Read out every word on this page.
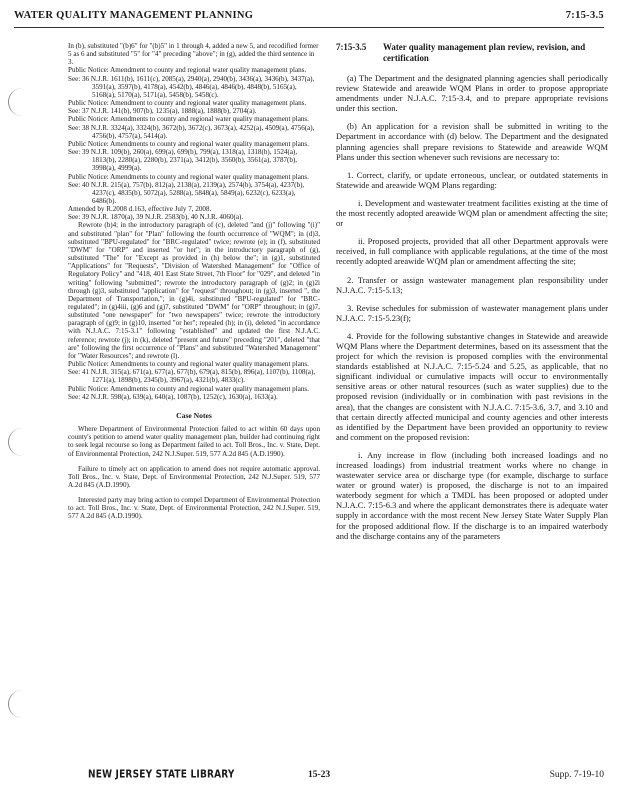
WATER QUALITY MANAGEMENT PLANNING	7:15-3.5

In (b), substituted "(b)6" for "(b)5" in 1 through 4, added a new 5, and recodified former 5 as 6 and substituted "5" for "4" preceding "above"; in (g), added the third sentence in 3.

Public Notice: Amendment to county and regional water quality management plans.

See: 36 N.J.R. 1611(b), 1611(c), 2085(a), 2940(a), 2940(b), 3436(a), 3436(b), 3437(a), 3591(a), 3597(b), 4178(a), 4542(b), 4846(a), 4846(b), 4848(b), 5165(a), 5168(a), 5170(a), 5171(a), 5458(b), 5458(c).

Public Notice: Amendment to county and regional water quality management plans.

See: 37 N.J.R. 141(b), 907(b), 1235(a), 1888(a), 1888(b), 2704(a).

Public Notice: Amendments to county and regional water quality management plans.

See: 38 N.J.R. 3324(a), 3324(b), 3672(b), 3672(c), 3673(a), 4252(a), 4509(a), 4756(a), 4756(b), 4757(a), 5414(a).

Public Notice: Amendments to county and regional water quality management plans.

See: 39 N.J.R. 109(b), 260(a), 699(a), 699(b), 799(a), 1318(a), 1318(b), 1524(a), 1813(b), 2280(a), 2280(b), 2371(a), 3412(b), 3560(b), 3561(a), 3787(b), 3998(a), 4999(a).

Public Notice: Amendments to county and regional water quality management plans.

See: 40 N.J.R. 215(a), 757(b), 812(a), 2138(a), 2139(a), 2574(b), 3754(a), 4237(b), 4237(c), 4835(b), 5072(a), 5288(a), 5848(a), 5849(a), 6232(c), 6233(a), 6486(b).

Amended by R.2008 d.163, effective July 7, 2008.

See: 39 N.J.R. 1870(a), 39 N.J.R. 2583(b), 40 N.J.R. 4060(a).

Rewrote (b)4; in the introductory paragraph of (c), deleted "and (j)" following "(i)" and substituted "plan" for "Plan" following the fourth occurrence of "WQM"; in (d)3, substituted "BPU-regulated" for "BRC-regulated" twice; rewrote (e); in (f), substituted "DWM" for "ORP" and inserted "or her"; in the introductory paragraph of (g), substituted "The" for "Except as provided in (h) below the"; in (g)1, substituted "Applications" for "Requests", "Division of Watershed Management" for "Office of Regulatory Policy" and "418, 401 East State Street, 7th Floor" for "029", and deleted "in writing" following "submitted"; rewrote the introductory paragraph of (g)2; in (g)2i through (g)3, substituted "application" for "request" throughout; in (g)3, inserted ", the Department of Transportation,"; in (g)4i, substituted "BPU-regulated" for "BRC-regulated"; in (g)4iii, (g)6 and (g)7, substituted "DWM" for "ORP" throughout; in (g)7, substituted "one newspaper" for "two newspapers" twice; rewrote the introductory paragraph of (g)9; in (g)10, inserted "or her"; repealed (h); in (i), deleted "in accordance with N.J.A.C. 7:15-3.1" following "established" and updated the first N.J.A.C. reference; rewrote (j); in (k), deleted "present and future" preceding "201", deleted "that are" following the first occurrence of "Plans" and substituted "Watershed Management" for "Water Resources"; and rewrote (l).

Public Notice: Amendments to county and regional water quality management plans.

See: 41 N.J.R. 315(a), 671(a), 677(a), 677(b), 679(a), 815(b), 896(a), 1107(b), 1108(a), 1271(a), 1898(b), 2345(b), 3967(a), 4321(b), 4833(c).

Public Notice: Amendments to county and regional water quality management plans.

See: 42 N.J.R. 598(a), 639(a), 640(a), 1087(b), 1252(c), 1630(a), 1633(a).

Case Notes

Where Department of Environmental Protection failed to act within 60 days upon county's petition to amend water quality management plan, builder had continuing right to seek legal recourse so long as Department failed to act. Toll Bros., Inc. v. State, Dept. of Environmental Protection, 242 N.J.Super. 519, 577 A.2d 845 (A.D.1990).

Failure to timely act on application to amend does not require automatic approval. Toll Bros., Inc. v. State, Dept. of Environmental Protection, 242 N.J.Super. 519, 577 A.2d 845 (A.D.1990).

Interested party may bring action to compel Department of Environmental Protection to act. Toll Bros., Inc. v. State, Dept. of Environmental Protection, 242 N.J.Super. 519, 577 A.2d 845 (A.D.1990).

7:15-3.5	Water quality management plan review, revision, and certification

(a) The Department and the designated planning agencies shall periodically review Statewide and areawide WQM Plans in order to propose appropriate amendments under N.J.A.C. 7:15-3.4, and to prepare appropriate revisions under this section.

(b) An application for a revision shall be submitted in writing to the Department in accordance with (d) below. The Department and the designated planning agencies shall prepare revisions to Statewide and areawide WQM Plans under this section whenever such revisions are necessary to:

1. Correct, clarify, or update erroneous, unclear, or outdated statements in Statewide and areawide WQM Plans regarding:

i. Development and wastewater treatment facilities existing at the time of the most recently adopted areawide WQM plan or amendment affecting the site; or

ii. Proposed projects, provided that all other Department approvals were received, in full compliance with applicable regulations, at the time of the most recently adopted areawide WQM plan or amendment affecting the site;

2. Transfer or assign wastewater management plan responsibility under N.J.A.C. 7:15-5.13;

3. Revise schedules for submission of wastewater management plans under N.J.A.C. 7:15-5.23(f);

4. Provide for the following substantive changes in Statewide and areawide WQM Plans where the Department determines, based on its assessment that the project for which the revision is proposed complies with the environmental standards established at N.J.A.C. 7:15-5.24 and 5.25, as applicable, that no significant individual or cumulative impacts will occur to environmentally sensitive areas or other natural resources (such as water supplies) due to the proposed revision (individually or in combination with past revisions in the area), that the changes are consistent with N.J.A.C. 7:15-3.6, 3.7, and 3.10 and that certain directly affected municipal and county agencies and other interests as identified by the Department have been provided an opportunity to review and comment on the proposed revision:

i. Any increase in flow (including both increased loadings and no increased loadings) from industrial treatment works where no change in wastewater service area or discharge type (for example, discharge to surface water or ground water) is proposed, the discharge is not to an impaired waterbody segment for which a TMDL has been proposed or adopted under N.J.A.C. 7:15-6.3 and where the applicant demonstrates there is adequate water supply in accordance with the most recent New Jersey State Water Supply Plan for the proposed additional flow. If the discharge is to an impaired waterbody and the discharge contains any of the parameters

NEW JERSEY STATE LIBRARY	15-23	Supp. 7-19-10
